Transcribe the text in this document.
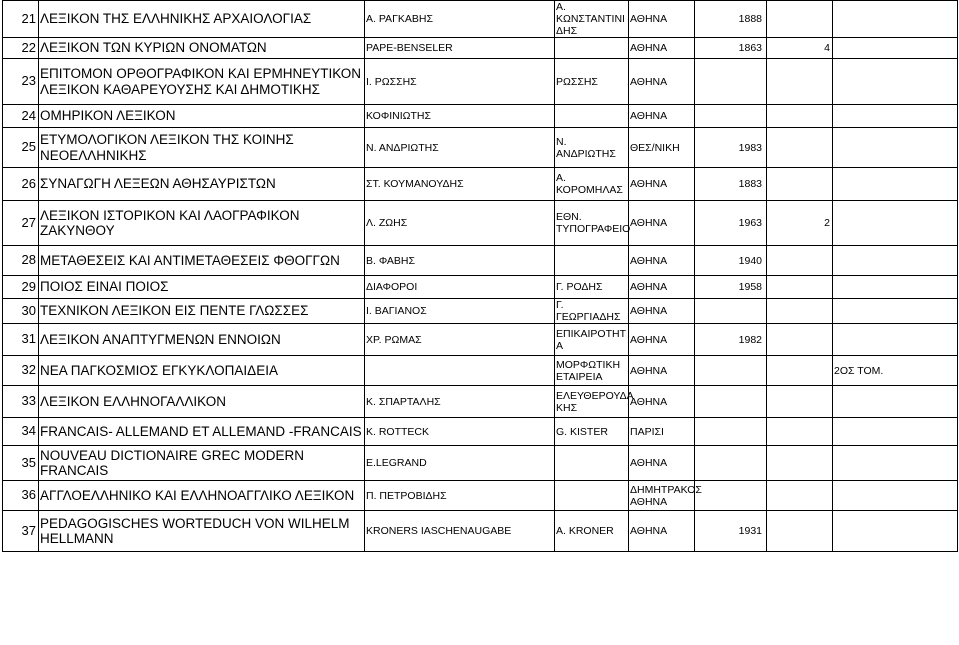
21	ΛΕΞΙΚΟΝ ΤΗΣ ΕΛΛΗΝΙΚΗΣ ΑΡΧΑΙΟΛΟΓΙΑΣ	Α. ΡΑΓΚΑΒΗΣ	Α. ΚΩΝΣΤΑΝΤΙΝΙ ΔΗΣ	ΑΘΗΝΑ	1888		
22	ΛΕΞΙΚΟΝ ΤΩΝ ΚΥΡΙΩΝ ΟΝΟΜΑΤΩΝ	PAPE-BENSELER		ΑΘΗΝΑ	1863	4	
23	ΕΠΙΤΟΜΟΝ ΟΡΘΟΓΡΑΦΙΚΟΝ ΚΑΙ ΕΡΜΗΝΕΥΤΙΚΟΝ ΛΕΞΙΚΟΝ ΚΑΘΑΡΕΥΟΥΣΗΣ ΚΑΙ ΔΗΜΟΤΙΚΗΣ	Ι. ΡΩΣΣΗΣ	ΡΩΣΣΗΣ	ΑΘΗΝΑ			
24	ΟΜΗΡΙΚΟΝ ΛΕΞΙΚΟΝ	ΚΟΦΙΝΙΩΤΗΣ		ΑΘΗΝΑ			
25	ΕΤΥΜΟΛΟΓΙΚΟΝ ΛΕΞΙΚΟΝ ΤΗΣ ΚΟΙΝΗΣ ΝΕΟΕΛΛΗΝΙΚΗΣ	Ν. ΑΝΔΡΙΩΤΗΣ	Ν. ΑΝΔΡΙΩΤΗΣ	ΘΕΣ/ΝΙΚΗ	1983		
26	ΣΥΝΑΓΩΓΗ ΛΕΞΕΩΝ ΑΘΗΣΑΥΡΙΣΤΩΝ	ΣΤ. ΚΟΥΜΑΝΟΥΔΗΣ	Α. ΚΟΡΟΜΗΛΑΣ	ΑΘΗΝΑ	1883		
27	ΛΕΞΙΚΟΝ ΙΣΤΟΡΙΚΟΝ ΚΑΙ ΛΑΟΓΡΑΦΙΚΟΝ ΖΑΚΥΝΘΟΥ	Λ. ΖΩΗΣ	ΕΘΝ. ΤΥΠΟΓΡΑΦΕΙΟ	ΑΘΗΝΑ	1963	2	
28	ΜΕΤΑΘΕΣΕΙΣ ΚΑΙ ΑΝΤΙΜΕΤΑΘΕΣΕΙΣ ΦΘΟΓΓΩΝ	Β. ΦΑΒΗΣ		ΑΘΗΝΑ	1940		
29	ΠΟΙΟΣ ΕΙΝΑΙ ΠΟΙΟΣ	ΔΙΑΦΟΡΟΙ	Γ. ΡΟΔΗΣ	ΑΘΗΝΑ	1958		
30	ΤΕΧΝΙΚΟΝ ΛΕΞΙΚΟΝ ΕΙΣ ΠΕΝΤΕ ΓΛΩΣΣΕΣ	Ι. ΒΑΓΙΑΝΟΣ	Γ. ΓΕΩΡΓΙΑΔΗΣ	ΑΘΗΝΑ			
31	ΛΕΞΙΚΟΝ ΑΝΑΠΤΥΓΜΕΝΩΝ ΕΝΝΟΙΩΝ	ΧΡ. ΡΩΜΑΣ	ΕΠΙΚΑΙΡΟΤΗΤ Α	ΑΘΗΝΑ	1982		
32	ΝΕΑ ΠΑΓΚΟΣΜΙΟΣ ΕΓΚΥΚΛΟΠΑΙΔΕΙΑ		ΜΟΡΦΩΤΙΚΗ ΕΤΑΙΡΕΙΑ	ΑΘΗΝΑ			2ΟΣ ΤΟΜ.
33	ΛΕΞΙΚΟΝ ΕΛΛΗΝΟΓΑΛΛΙΚΟΝ	Κ. ΣΠΑΡΤΑΛΗΣ	ΕΛΕΥΘΕΡΟΥΔΑ ΚΗΣ	ΑΘΗΝΑ			
34	FRANCAIS- ALLEMAND ET ALLEMAND -FRANCAIS	K. ROTTECK	G. KISTER	ΠΑΡΙΣΙ			
35	NOUVEAU DICTIONAIRE GREC MODERN FRANCAIS	E.LEGRAND		ΑΘΗΝΑ			
36	ΑΓΓΛΟΕΛΛΗΝΙΚΟ ΚΑΙ ΕΛΛΗΝΟΑΓΓΛΙΚΟ ΛΕΞΙΚΟΝ	Π. ΠΕΤΡΟΒΙΔΗΣ		ΔΗΜΗΤΡΑΚΟΣ ΑΘΗΝΑ			
37	PEDAGOGISCHES WORTEDUCH VON WILHELM HELLMANN	KRONERS IASCHENAUGABE	A. KRONER	ΑΘΗΝΑ	1931		
